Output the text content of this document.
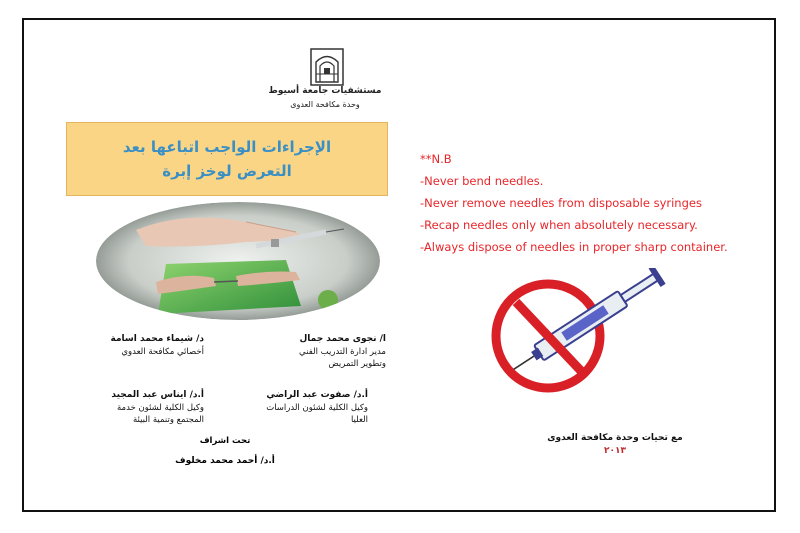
مستشفيات جامعة أسيوط
وحدة مكافحة العدوى
الإجراءات الواجب اتباعها بعد
التعرض لوخز إبرة
**N.B
-Never bend needles.
-Never remove needles from disposable syringes
-Recap needles only when absolutely necessary.
-Always dispose of needles in proper sharp container.
مع تحيات وحدة مكافحة العدوى
٢٠١٣
ا/ نجوى محمد جمال
مدير ادارة التدريب الفني
وتطوير التمريض
د/ شيماء محمد اسامة
أخصائي مكافحة العدوي
أ.د/ صفوت عبد الراضي
وكيل الكلية لشئون الدراسات
العليا
أ.د/ ايناس عبد المجيد
وكيل الكلية لشئون خدمة
المجتمع وتنمية البيئة
تحت اشراف
أ.د/ أحمد محمد مخلوف
